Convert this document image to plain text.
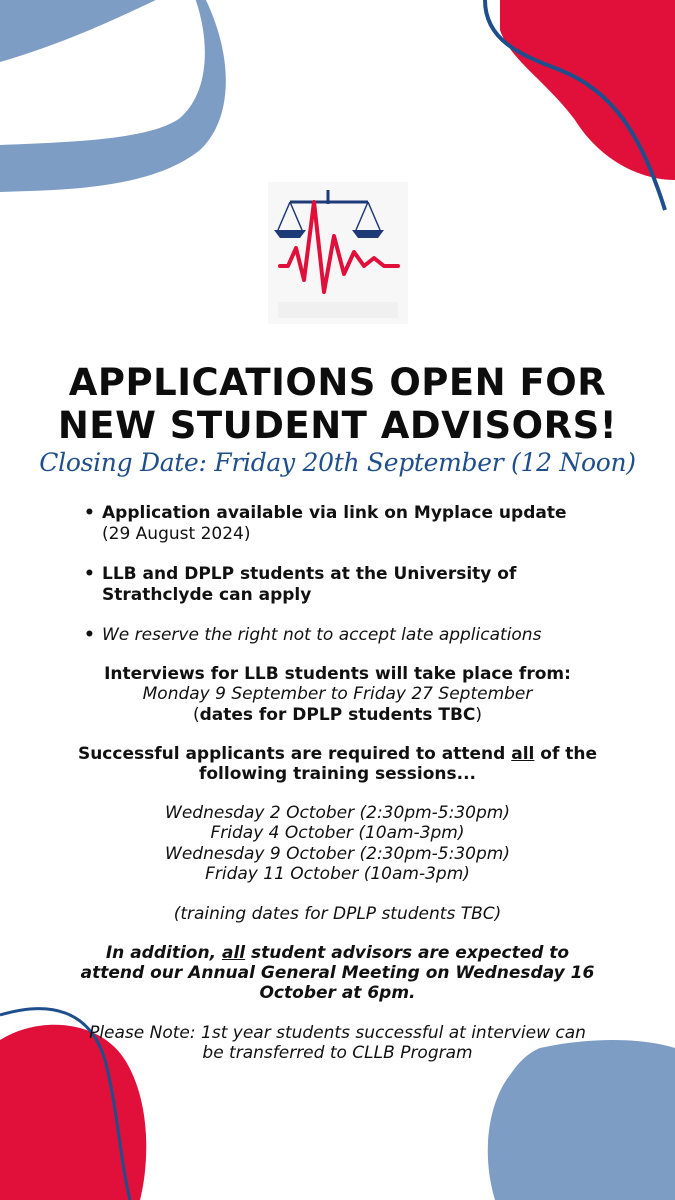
APPLICATIONS OPEN FOR
NEW STUDENT ADVISORS!
Closing Date: Friday 20th September (12 Noon)
• Application available via link on Myplace update
(29 August 2024)
• LLB and DPLP students at the University of Strathclyde can apply
• We reserve the right not to accept late applications
Interviews for LLB students will take place from:
Monday 9 September to Friday 27 September
(dates for DPLP students TBC)
Successful applicants are required to attend all of the
following training sessions...
Wednesday 2 October (2:30pm-5:30pm)
Friday 4 October (10am-3pm)
Wednesday 9 October (2:30pm-5:30pm)
Friday 11 October (10am-3pm)
(training dates for DPLP students TBC)
In addition, all student advisors are expected to
attend our Annual General Meeting on Wednesday 16
October at 6pm.
Please Note: 1st year students successful at interview can
be transferred to CLLB Program
